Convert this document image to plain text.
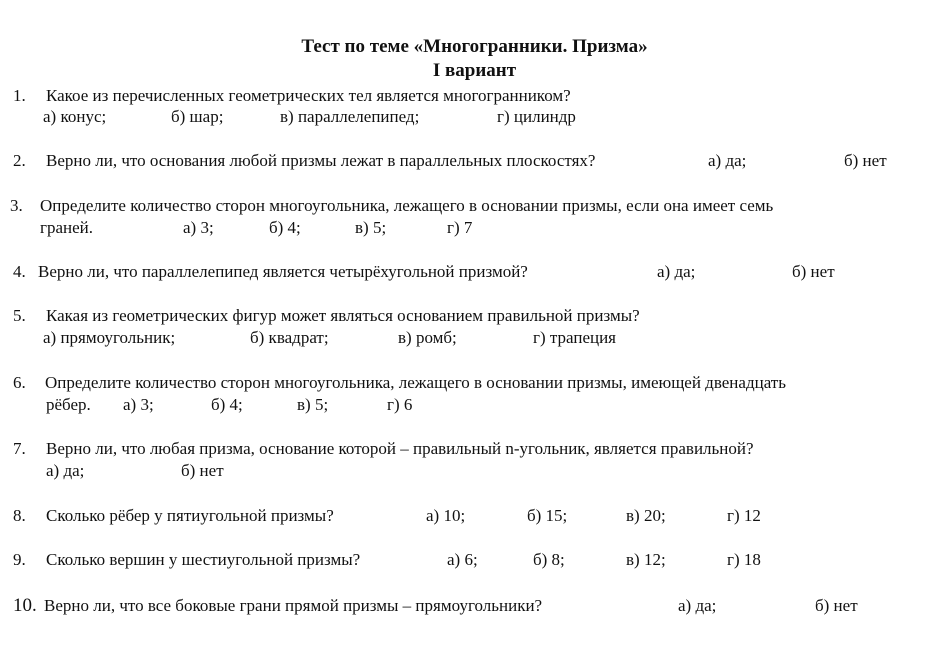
Тест по теме «Многогранники. Призма»
I вариант
1. Какое из перечисленных геометрических тел является многогранником?
а) конус;	б) шар;	в) параллелепипед;	г) цилиндр
2. Верно ли, что основания любой призмы лежат в параллельных плоскостях?	а) да;	б) нет
3. Определите количество сторон многоугольника, лежащего в основании призмы, если она имеет семь
граней.	а) 3;	б) 4;	в) 5;	г) 7
4. Верно ли, что параллелепипед является четырёхугольной призмой?	а) да;	б) нет
5. Какая из геометрических фигур может являться основанием правильной призмы?
а) прямоугольник;	б) квадрат;	в) ромб;	г) трапеция
6. Определите количество сторон многоугольника, лежащего в основании призмы, имеющей двенадцать
рёбер. а) 3;	б) 4;	в) 5;	г) 6
7. Верно ли, что любая призма, основание которой – правильный n-угольник, является правильной?
а) да;	б) нет
8. Сколько рёбер у пятиугольной призмы?	а) 10;	б) 15;	в) 20;	г) 12
9. Сколько вершин у шестиугольной призмы?	а) 6;	б) 8;	в) 12;	г) 18
10. Верно ли, что все боковые грани прямой призмы – прямоугольники?	а) да;	б) нет
